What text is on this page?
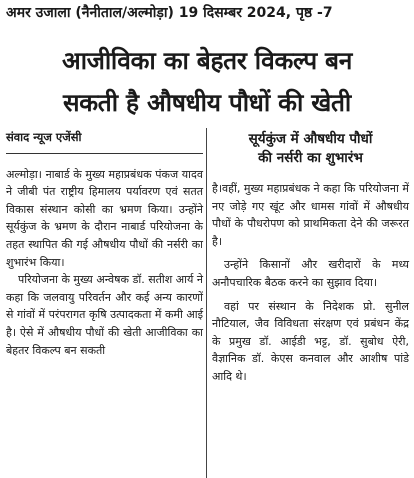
अमर उजाला (नैनीताल/अल्मोड़ा) 19 दिसम्बर 2024, पृष्ठ -7
आजीविका का बेहतर विकल्प बन
सकती है औषधीय पौधों की खेती
संवाद न्यूज एजेंसी

अल्मोड़ा। नाबार्ड के मुख्य महाप्रबंधक पंकज यादव ने जीबी पंत राष्ट्रीय हिमालय पर्यावरण एवं सतत विकास संस्थान कोसी का भ्रमण किया। उन्होंने सूर्यकुंज के भ्रमण के दौरान नाबार्ड परियोजना के तहत स्थापित की गई औषधीय पौधों की नर्सरी का शुभारंभ किया।

परियोजना के मुख्य अन्वेषक डॉ. सतीश आर्य ने कहा कि जलवायु परिवर्तन और कई अन्य कारणों से गांवों में परंपरागत कृषि उत्पादकता में कमी आई है। ऐसे में औषधीय पौधों की खेती आजीविका का बेहतर विकल्प बन सकती

सूर्यकुंज में औषधीय पौधों
की नर्सरी का शुभारंभ

है।वहीं, मुख्य महाप्रबंधक ने कहा कि परियोजना में नए जोड़े गए खूंट और धामस गांवों में औषधीय पौधों के पौधरोपण को प्राथमिकता देने की जरूरत है।

उन्होंने किसानों और खरीदारों के मध्य अनौपचारिक बैठक करने का सुझाव दिया।

वहां पर संस्थान के निदेशक प्रो. सुनील नौटियाल, जैव विविधता संरक्षण एवं प्रबंधन केंद्र के प्रमुख डॉ. आईडी भट्ट, डॉ. सुबोध ऐरी, वैज्ञानिक डॉ. केएस कनवाल और आशीष पांडे आदि थे।
